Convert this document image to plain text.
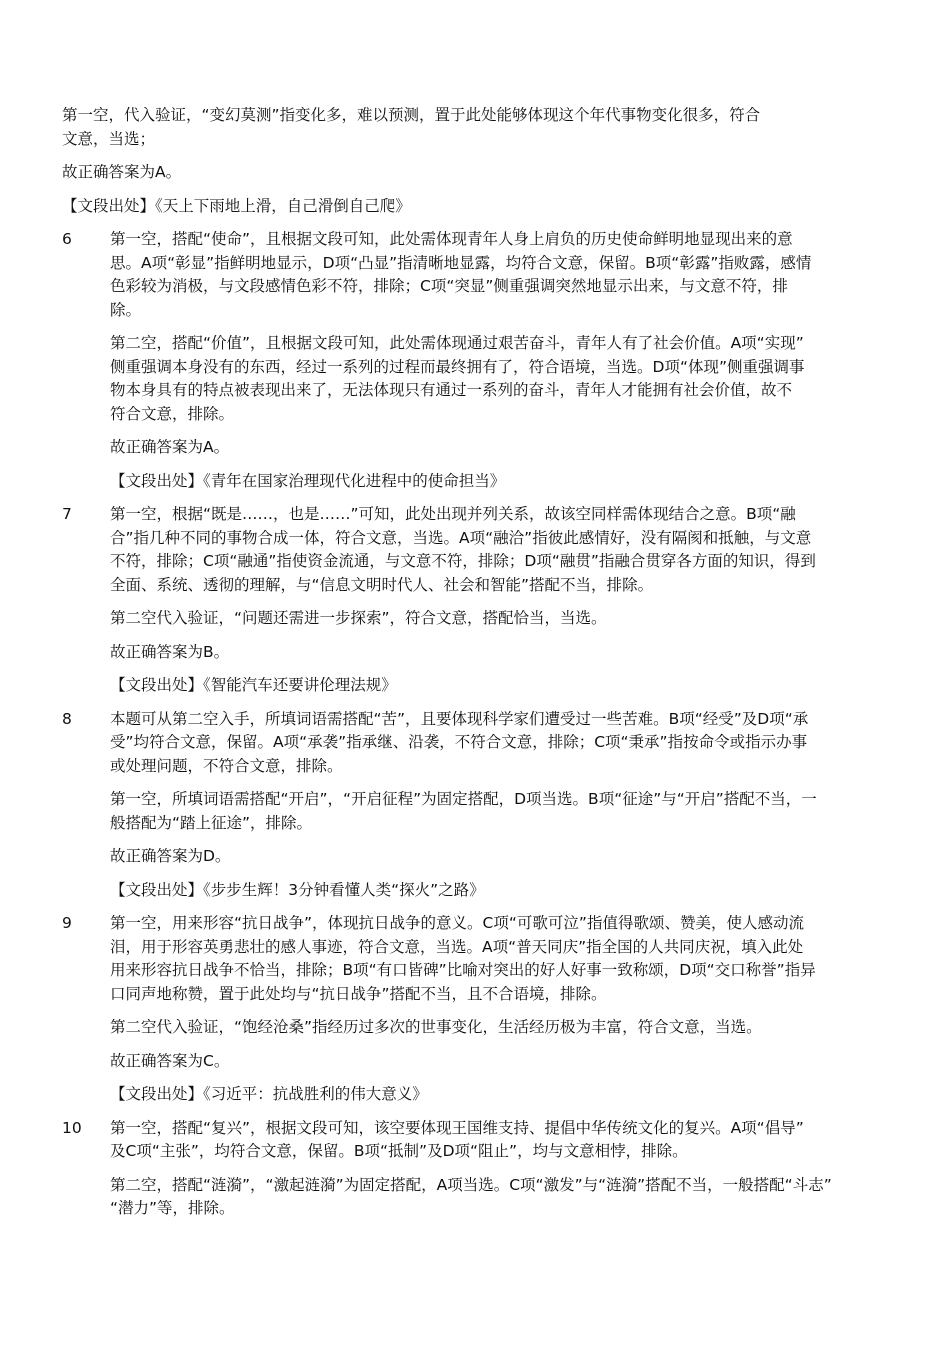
第一空，代入验证，“变幻莫测”指变化多，难以预测，置于此处能够体现这个年代事物变化很多，符合
文意，当选；
故正确答案为A。
【文段出处】《天上下雨地上滑，自己滑倒自己爬》
6 第一空，搭配“使命”，且根据文段可知，此处需体现青年人身上肩负的历史使命鲜明地显现出来的意
思。A项“彰显”指鲜明地显示，D项“凸显”指清晰地显露，均符合文意，保留。B项“彰露”指败露，感情
色彩较为消极，与文段感情色彩不符，排除；C项“突显”侧重强调突然地显示出来，与文意不符，排
除。
第二空，搭配“价值”，且根据文段可知，此处需体现通过艰苦奋斗，青年人有了社会价值。A项“实现”
侧重强调本身没有的东西，经过一系列的过程而最终拥有了，符合语境，当选。D项“体现”侧重强调事
物本身具有的特点被表现出来了，无法体现只有通过一系列的奋斗，青年人才能拥有社会价值，故不
符合文意，排除。
故正确答案为A。
【文段出处】《青年在国家治理现代化进程中的使命担当》
7 第一空，根据“既是……，也是……”可知，此处出现并列关系，故该空同样需体现结合之意。B项“融
合”指几种不同的事物合成一体，符合文意，当选。A项“融洽”指彼此感情好，没有隔阂和抵触，与文意
不符，排除；C项“融通”指使资金流通，与文意不符，排除；D项“融贯”指融合贯穿各方面的知识，得到
全面、系统、透彻的理解，与“信息文明时代人、社会和智能”搭配不当，排除。
第二空代入验证，“问题还需进一步探索”，符合文意，搭配恰当，当选。
故正确答案为B。
【文段出处】《智能汽车还要讲伦理法规》
8 本题可从第二空入手，所填词语需搭配“苦”，且要体现科学家们遭受过一些苦难。B项“经受”及D项“承
受”均符合文意，保留。A项“承袭”指承继、沿袭，不符合文意，排除；C项“秉承”指按命令或指示办事
或处理问题，不符合文意，排除。
第一空，所填词语需搭配“开启”，“开启征程”为固定搭配，D项当选。B项“征途”与“开启”搭配不当，一
般搭配为“踏上征途”，排除。
故正确答案为D。
【文段出处】《步步生辉！3分钟看懂人类“探火”之路》
9 第一空，用来形容“抗日战争”，体现抗日战争的意义。C项“可歌可泣”指值得歌颂、赞美，使人感动流
泪，用于形容英勇悲壮的感人事迹，符合文意，当选。A项“普天同庆”指全国的人共同庆祝，填入此处
用来形容抗日战争不恰当，排除；B项“有口皆碑”比喻对突出的好人好事一致称颂，D项“交口称誉”指异
口同声地称赞，置于此处均与“抗日战争”搭配不当，且不合语境，排除。
第二空代入验证，“饱经沧桑”指经历过多次的世事变化，生活经历极为丰富，符合文意，当选。
故正确答案为C。
【文段出处】《习近平：抗战胜利的伟大意义》
10 第一空，搭配“复兴”，根据文段可知，该空要体现王国维支持、提倡中华传统文化的复兴。A项“倡导”
及C项“主张”，均符合文意，保留。B项“抵制”及D项“阻止”，均与文意相悖，排除。
第二空，搭配“涟漪”，“激起涟漪”为固定搭配，A项当选。C项“激发”与“涟漪”搭配不当，一般搭配“斗志”
“潜力”等，排除。
